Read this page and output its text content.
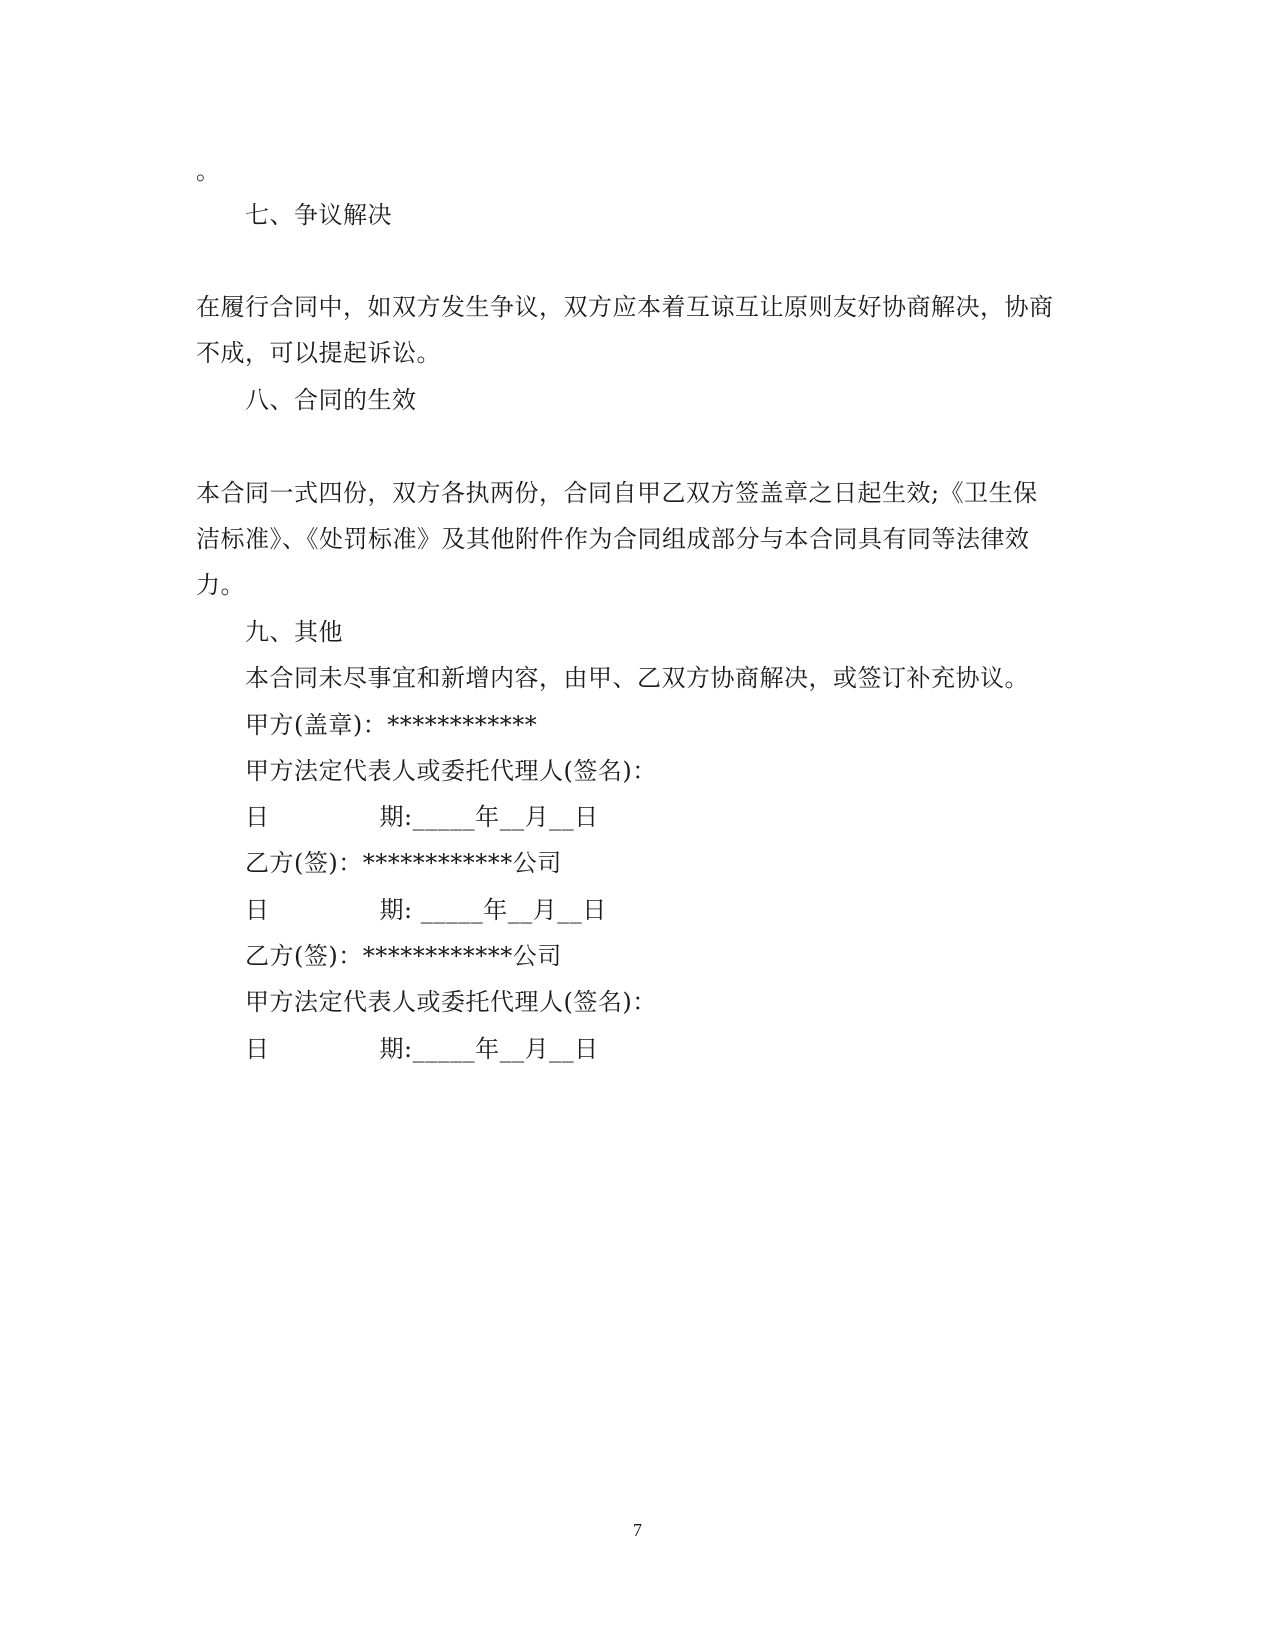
。
七、争议解决
在履行合同中，如双方发生争议，双方应本着互谅互让原则友好协商解决，协商
不成，可以提起诉讼。
八、合同的生效
本合同一式四份，双方各执两份，合同自甲乙双方签盖章之日起生效;《卫生保
洁标准》、《处罚标准》及其他附件作为合同组成部分与本合同具有同等法律效
力。
九、其他
本合同未尽事宜和新增内容，由甲、乙双方协商解决，或签订补充协议。
甲方(盖章)：************
甲方法定代表人或委托代理人(签名)：
日	期:_____年__月__日
乙方(签)：************公司
日	期: _____年__月__日
乙方(签)：************公司
甲方法定代表人或委托代理人(签名)：
日	期:_____年__月__日
7
